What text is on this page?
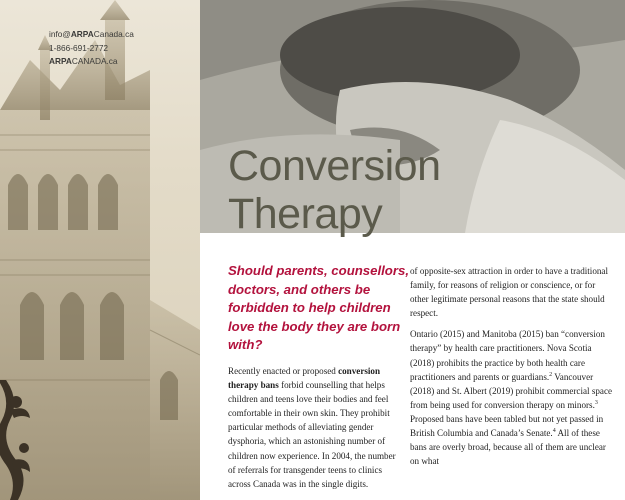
info@ARPACanada.ca
1-866-691-2772
ARPACANADA.ca
Conversion
Therapy
Should parents, counsellors, doctors, and others be forbidden to help children love the body they are born with?

Recently enacted or proposed conversion therapy bans forbid counselling that helps children and teens love their bodies and feel comfortable in their own skin. They prohibit particular methods of alleviating gender dysphoria, which an astonishing number of children now experience. In 2004, the number of referrals for transgender teens to clinics across Canada was in the single digits.

of opposite-sex attraction in order to have a traditional family, for reasons of religion or conscience, or for other legitimate personal reasons that the state should respect.

Ontario (2015) and Manitoba (2015) ban “conversion therapy” by health care practitioners. Nova Scotia (2018) prohibits the practice by both health care practitioners and parents or guardians.$^2$ Vancouver (2018) and St. Albert (2019) prohibit commercial space from being used for conversion therapy on minors.$^3$ Proposed bans have been tabled but not yet passed in British Columbia and Canada’s Senate.$^4$ All of these bans are overly broad, because all of them are unclear on what
